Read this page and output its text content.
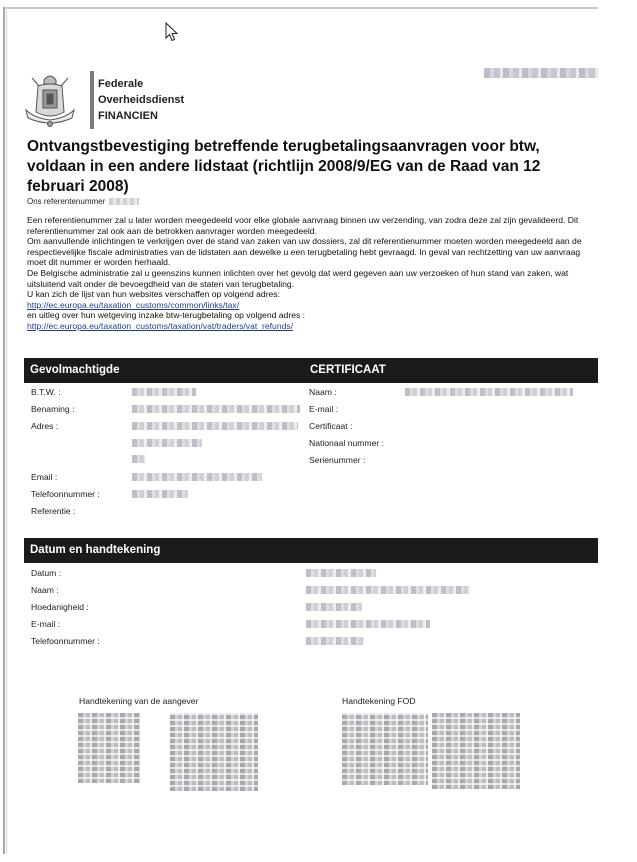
Federale
Overheidsdienst
FINANCIEN
Ontvangstbevestiging betreffende terugbetalingsaanvragen voor btw, voldaan in een andere lidstaat (richtlijn 2008/9/EG van de Raad van 12 februari 2008)
Ons referentenummer

Een referentienummer zal u later worden meegedeeld voor elke globale aanvraag binnen uw verzending, van zodra deze zal zijn gevalideerd. Dit referentienummer zal ook aan de betrokken aanvrager worden meegedeeld.

Om aanvullende inlichtingen te verkrijgen over de stand van zaken van uw dossiers, zal dit referentienummer moeten worden meegedeeld aan de respectievelijke fiscale administraties van de lidstaten aan dewelke u een terugbetaling hebt gevraagd. In geval van rechtzetting van uw aanvraag moet dit nummer er worden herhaald.

De Belgische administratie zal u geenszins kunnen inlichten over het gevolg dat werd gegeven aan uw verzoeken of hun stand van zaken, wat uitsluitend valt onder de bevoegdheid van de staten van terugbetaling.

U kan zich de lijst van hun websites verschaffen op volgend adres:

http://ec.europa.eu/taxation_customs/common/links/tax/

en uitleg over hun wetgeving inzake btw-terugbetaling op volgend adres :

http://ec.europa.eu/taxation_customs/taxation/vat/traders/vat_refunds/

Gevolmachtigde	CERTIFICAAT
B.T.W. :
Benaming :
Adres :
Email :
Telefoonnummer :
Referentie :
Naam :
E-mail :
Certificaat :
Nationaal nummer :
Serienummer :
Datum en handtekening
Datum :
Naam :
Hoedanigheid :
E-mail :
Telefoonnummer :
Handtekening van de aangever	Handtekening FOD
